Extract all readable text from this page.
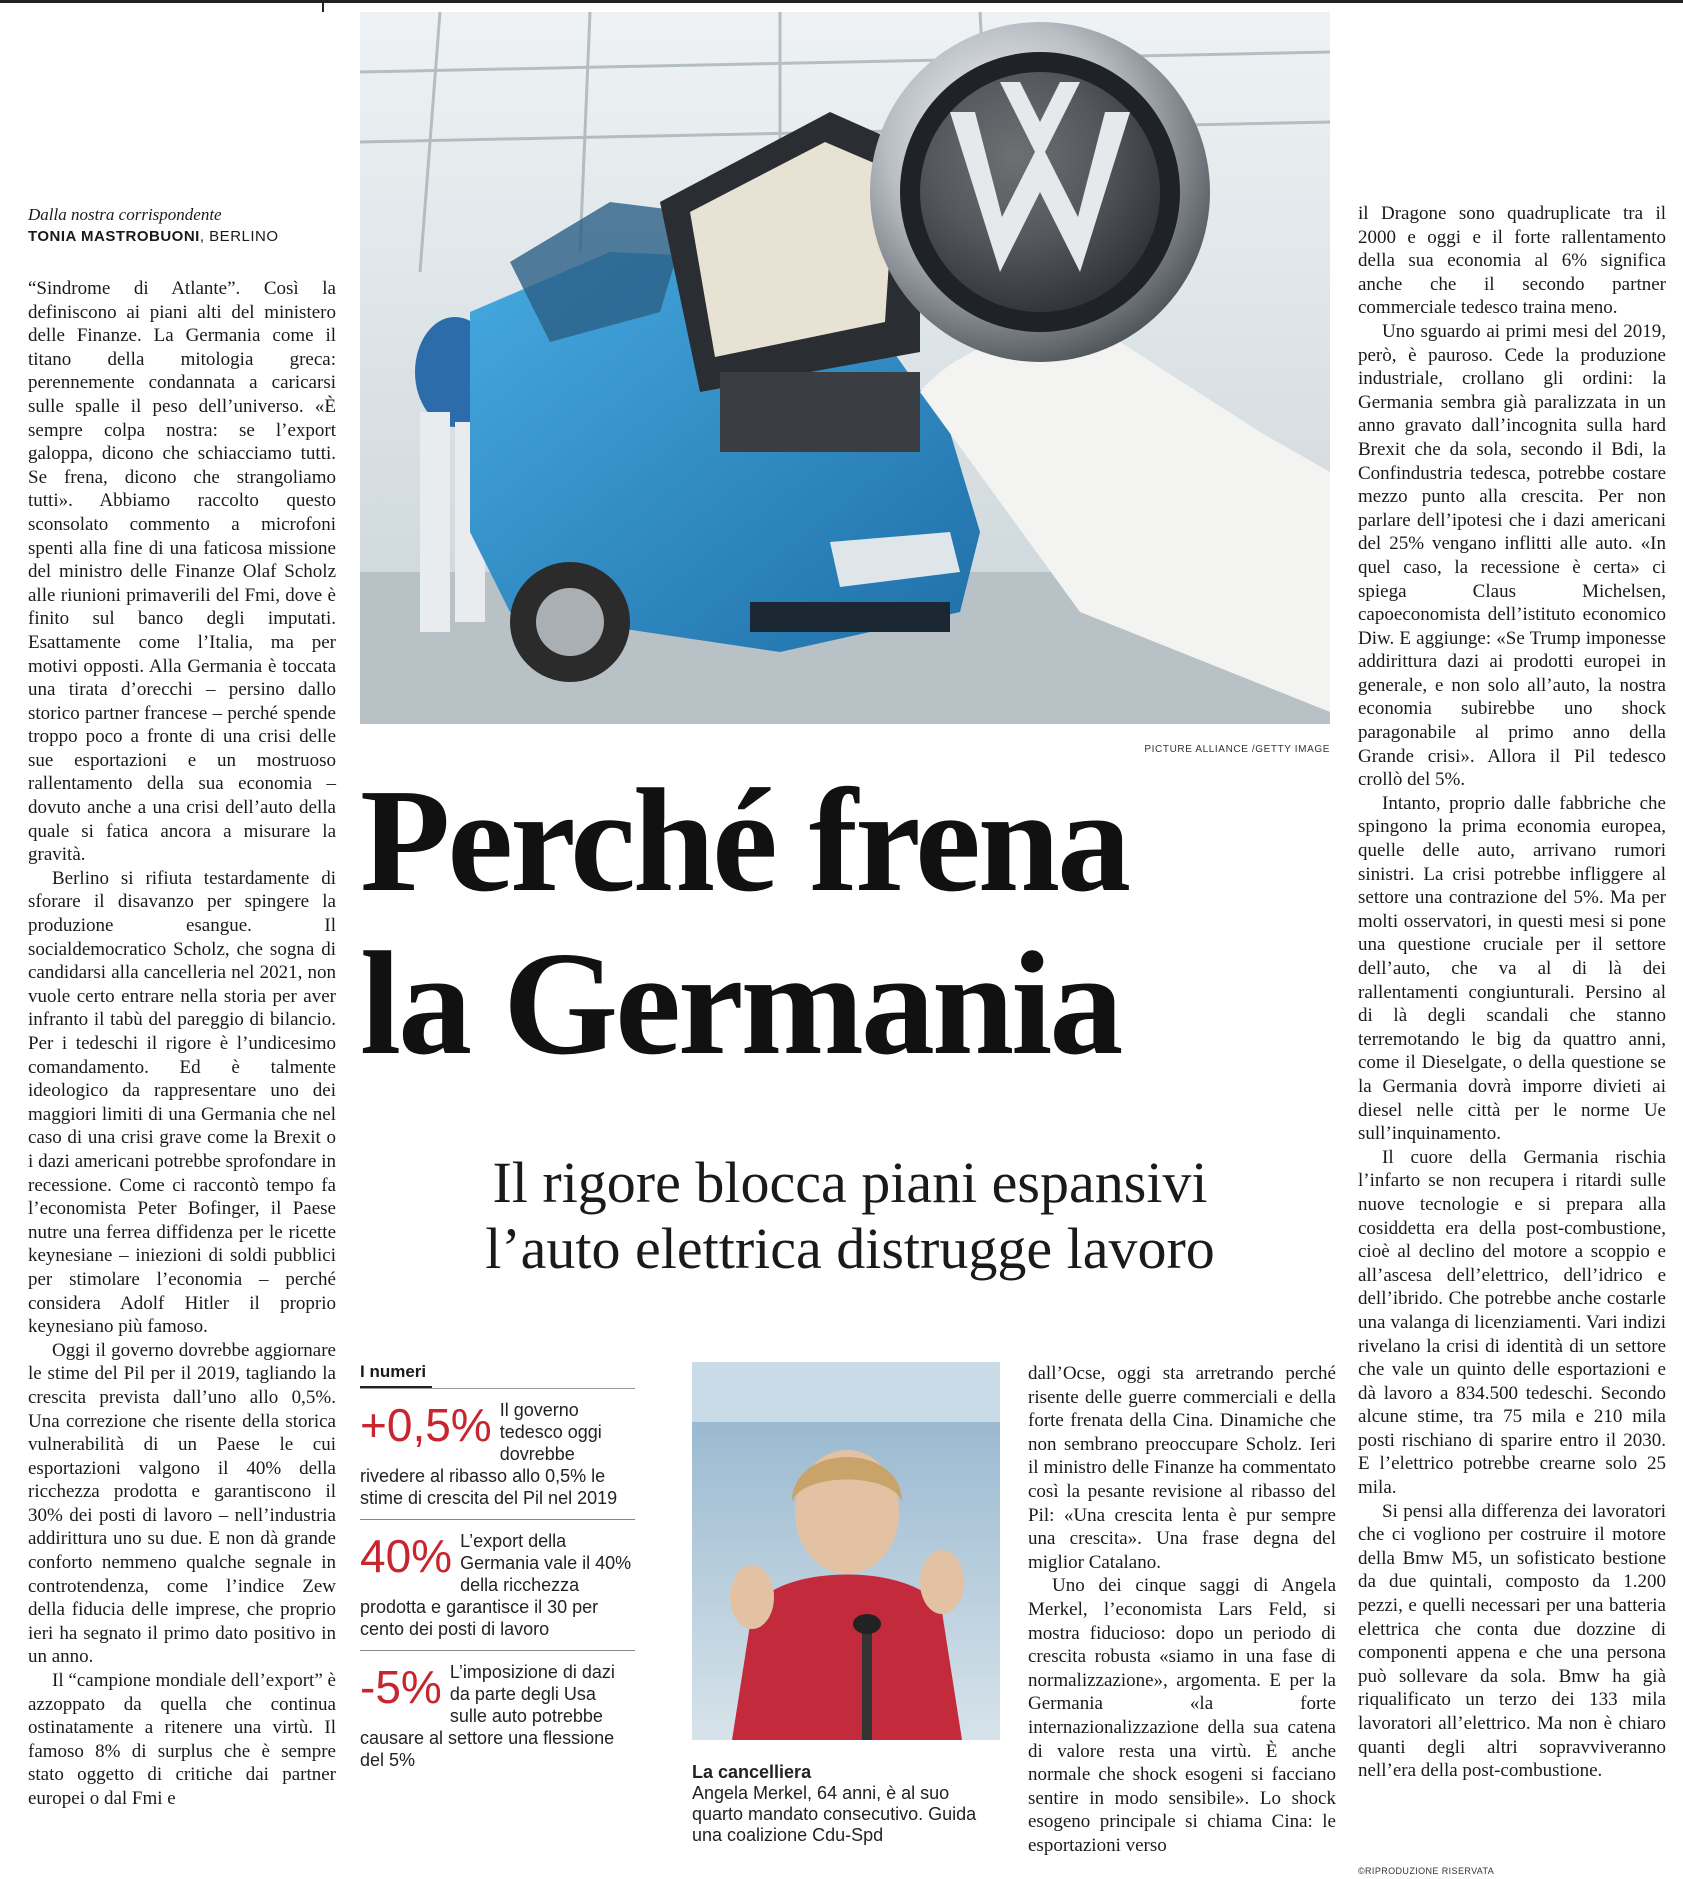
Dalla nostra corrispondente
TONIA MASTROBUONI, BERLINO

“Sindrome di Atlante”. Così la definiscono ai piani alti del ministero delle Finanze. La Germania come il titano della mitologia greca: perennemente condannata a caricarsi sulle spalle il peso dell’universo. «È sempre colpa nostra: se l’export galoppa, dicono che schiacciamo tutti. Se frena, dicono che strangoliamo tutti». Abbiamo raccolto questo sconsolato commento a microfoni spenti alla fine di una faticosa missione del ministro delle Finanze Olaf Scholz alle riunioni primaverili del Fmi, dove è finito sul banco degli imputati. Esattamente come l’Italia, ma per motivi opposti. Alla Germania è toccata una tirata d’orecchi – persino dallo storico partner francese – perché spende troppo poco a fronte di una crisi delle sue esportazioni e un mostruoso rallentamento della sua economia – dovuto anche a una crisi dell’auto della quale si fatica ancora a misurare la gravità.

Berlino si rifiuta testardamente di sforare il disavanzo per spingere la produzione esangue. Il socialdemocratico Scholz, che sogna di candidarsi alla cancelleria nel 2021, non vuole certo entrare nella storia per aver infranto il tabù del pareggio di bilancio. Per i tedeschi il rigore è l’undicesimo comandamento. Ed è talmente ideologico da rappresentare uno dei maggiori limiti di una Germania che nel caso di una crisi grave come la Brexit o i dazi americani potrebbe sprofondare in recessione. Come ci raccontò tempo fa l’economista Peter Bofinger, il Paese nutre una ferrea diffidenza per le ricette keynesiane – iniezioni di soldi pubblici per stimolare l’economia – perché considera Adolf Hitler il proprio keynesiano più famoso.

Oggi il governo dovrebbe aggiornare le stime del Pil per il 2019, tagliando la crescita prevista dall’uno allo 0,5%. Una correzione che risente della storica vulnerabilità di un Paese le cui esportazioni valgono il 40% della ricchezza prodotta e garantiscono il 30% dei posti di lavoro – nell’industria addirittura uno su due. E non dà grande conforto nemmeno qualche segnale in controtendenza, come l’indice Zew della fiducia delle imprese, che proprio ieri ha segnato il primo dato positivo in un anno.

Il “campione mondiale dell’export” è azzoppato da quella che continua ostinatamente a ritenere una virtù. Il famoso 8% di surplus che è sempre stato oggetto di critiche dai partner europei o dal Fmi e

PICTURE ALLIANCE /GETTY IMAGE
Perché frena
la Germania
Il rigore blocca piani espansivi
l’auto elettrica distrugge lavoro
I numeri
+0,5% Il governo tedesco oggi dovrebbe rivedere al ribasso allo 0,5% le stime di crescita del Pil nel 2019
40% L’export della Germania vale il 40% della ricchezza prodotta e garantisce il 30 per cento dei posti di lavoro
-5% L’imposizione di dazi da parte degli Usa sulle auto potrebbe causare al settore una flessione del 5%
La cancelliera
Angela Merkel, 64 anni, è al suo quarto mandato consecutivo. Guida una coalizione Cdu-Spd

dall’Ocse, oggi sta arretrando perché risente delle guerre commerciali e della forte frenata della Cina. Dinamiche che non sembrano preoccupare Scholz. Ieri il ministro delle Finanze ha commentato così la pesante revisione al ribasso del Pil: «Una crescita lenta è pur sempre una crescita». Una frase degna del miglior Catalano.

Uno dei cinque saggi di Angela Merkel, l’economista Lars Feld, si mostra fiducioso: dopo un periodo di crescita robusta «siamo in una fase di normalizzazione», argomenta. E per la Germania «la forte internazionalizzazione della sua catena di valore resta una virtù. È anche normale che shock esogeni si facciano sentire in modo sensibile». Lo shock esogeno principale si chiama Cina: le esportazioni verso

il Dragone sono quadruplicate tra il 2000 e oggi e il forte rallentamento della sua economia al 6% significa anche che il secondo partner commerciale tedesco traina meno.

Uno sguardo ai primi mesi del 2019, però, è pauroso. Cede la produzione industriale, crollano gli ordini: la Germania sembra già paralizzata in un anno gravato dall’incognita sulla hard Brexit che da sola, secondo il Bdi, la Confindustria tedesca, potrebbe costare mezzo punto alla crescita. Per non parlare dell’ipotesi che i dazi americani del 25% vengano inflitti alle auto. «In quel caso, la recessione è certa» ci spiega Claus Michelsen, capoeconomista dell’istituto economico Diw. E aggiunge: «Se Trump imponesse addirittura dazi ai prodotti europei in generale, e non solo all’auto, la nostra economia subirebbe uno shock paragonabile al primo anno della Grande crisi». Allora il Pil tedesco crollò del 5%.

Intanto, proprio dalle fabbriche che spingono la prima economia europea, quelle delle auto, arrivano rumori sinistri. La crisi potrebbe infliggere al settore una contrazione del 5%. Ma per molti osservatori, in questi mesi si pone una questione cruciale per il settore dell’auto, che va al di là dei rallentamenti congiunturali. Persino al di là degli scandali che stanno terremotando le big da quattro anni, come il Dieselgate, o della questione se la Germania dovrà imporre divieti ai diesel nelle città per le norme Ue sull’inquinamento.

Il cuore della Germania rischia l’infarto se non recupera i ritardi sulle nuove tecnologie e si prepara alla cosiddetta era della post-combustione, cioè al declino del motore a scoppio e all’ascesa dell’elettrico, dell’idrico e dell’ibrido. Che potrebbe anche costarle una valanga di licenziamenti. Vari indizi rivelano la crisi di identità di un settore che vale un quinto delle esportazioni e dà lavoro a 834.500 tedeschi. Secondo alcune stime, tra 75 mila e 210 mila posti rischiano di sparire entro il 2030. E l’elettrico potrebbe crearne solo 25 mila.

Si pensi alla differenza dei lavoratori che ci vogliono per costruire il motore della Bmw M5, un sofisticato bestione da due quintali, composto da 1.200 pezzi, e quelli necessari per una batteria elettrica che conta due dozzine di componenti appena e che una persona può sollevare da sola. Bmw ha già riqualificato un terzo dei 133 mila lavoratori all’elettrico. Ma non è chiaro quanti degli altri sopravviveranno nell’era della post-combustione.

©RIPRODUZIONE RISERVATA
